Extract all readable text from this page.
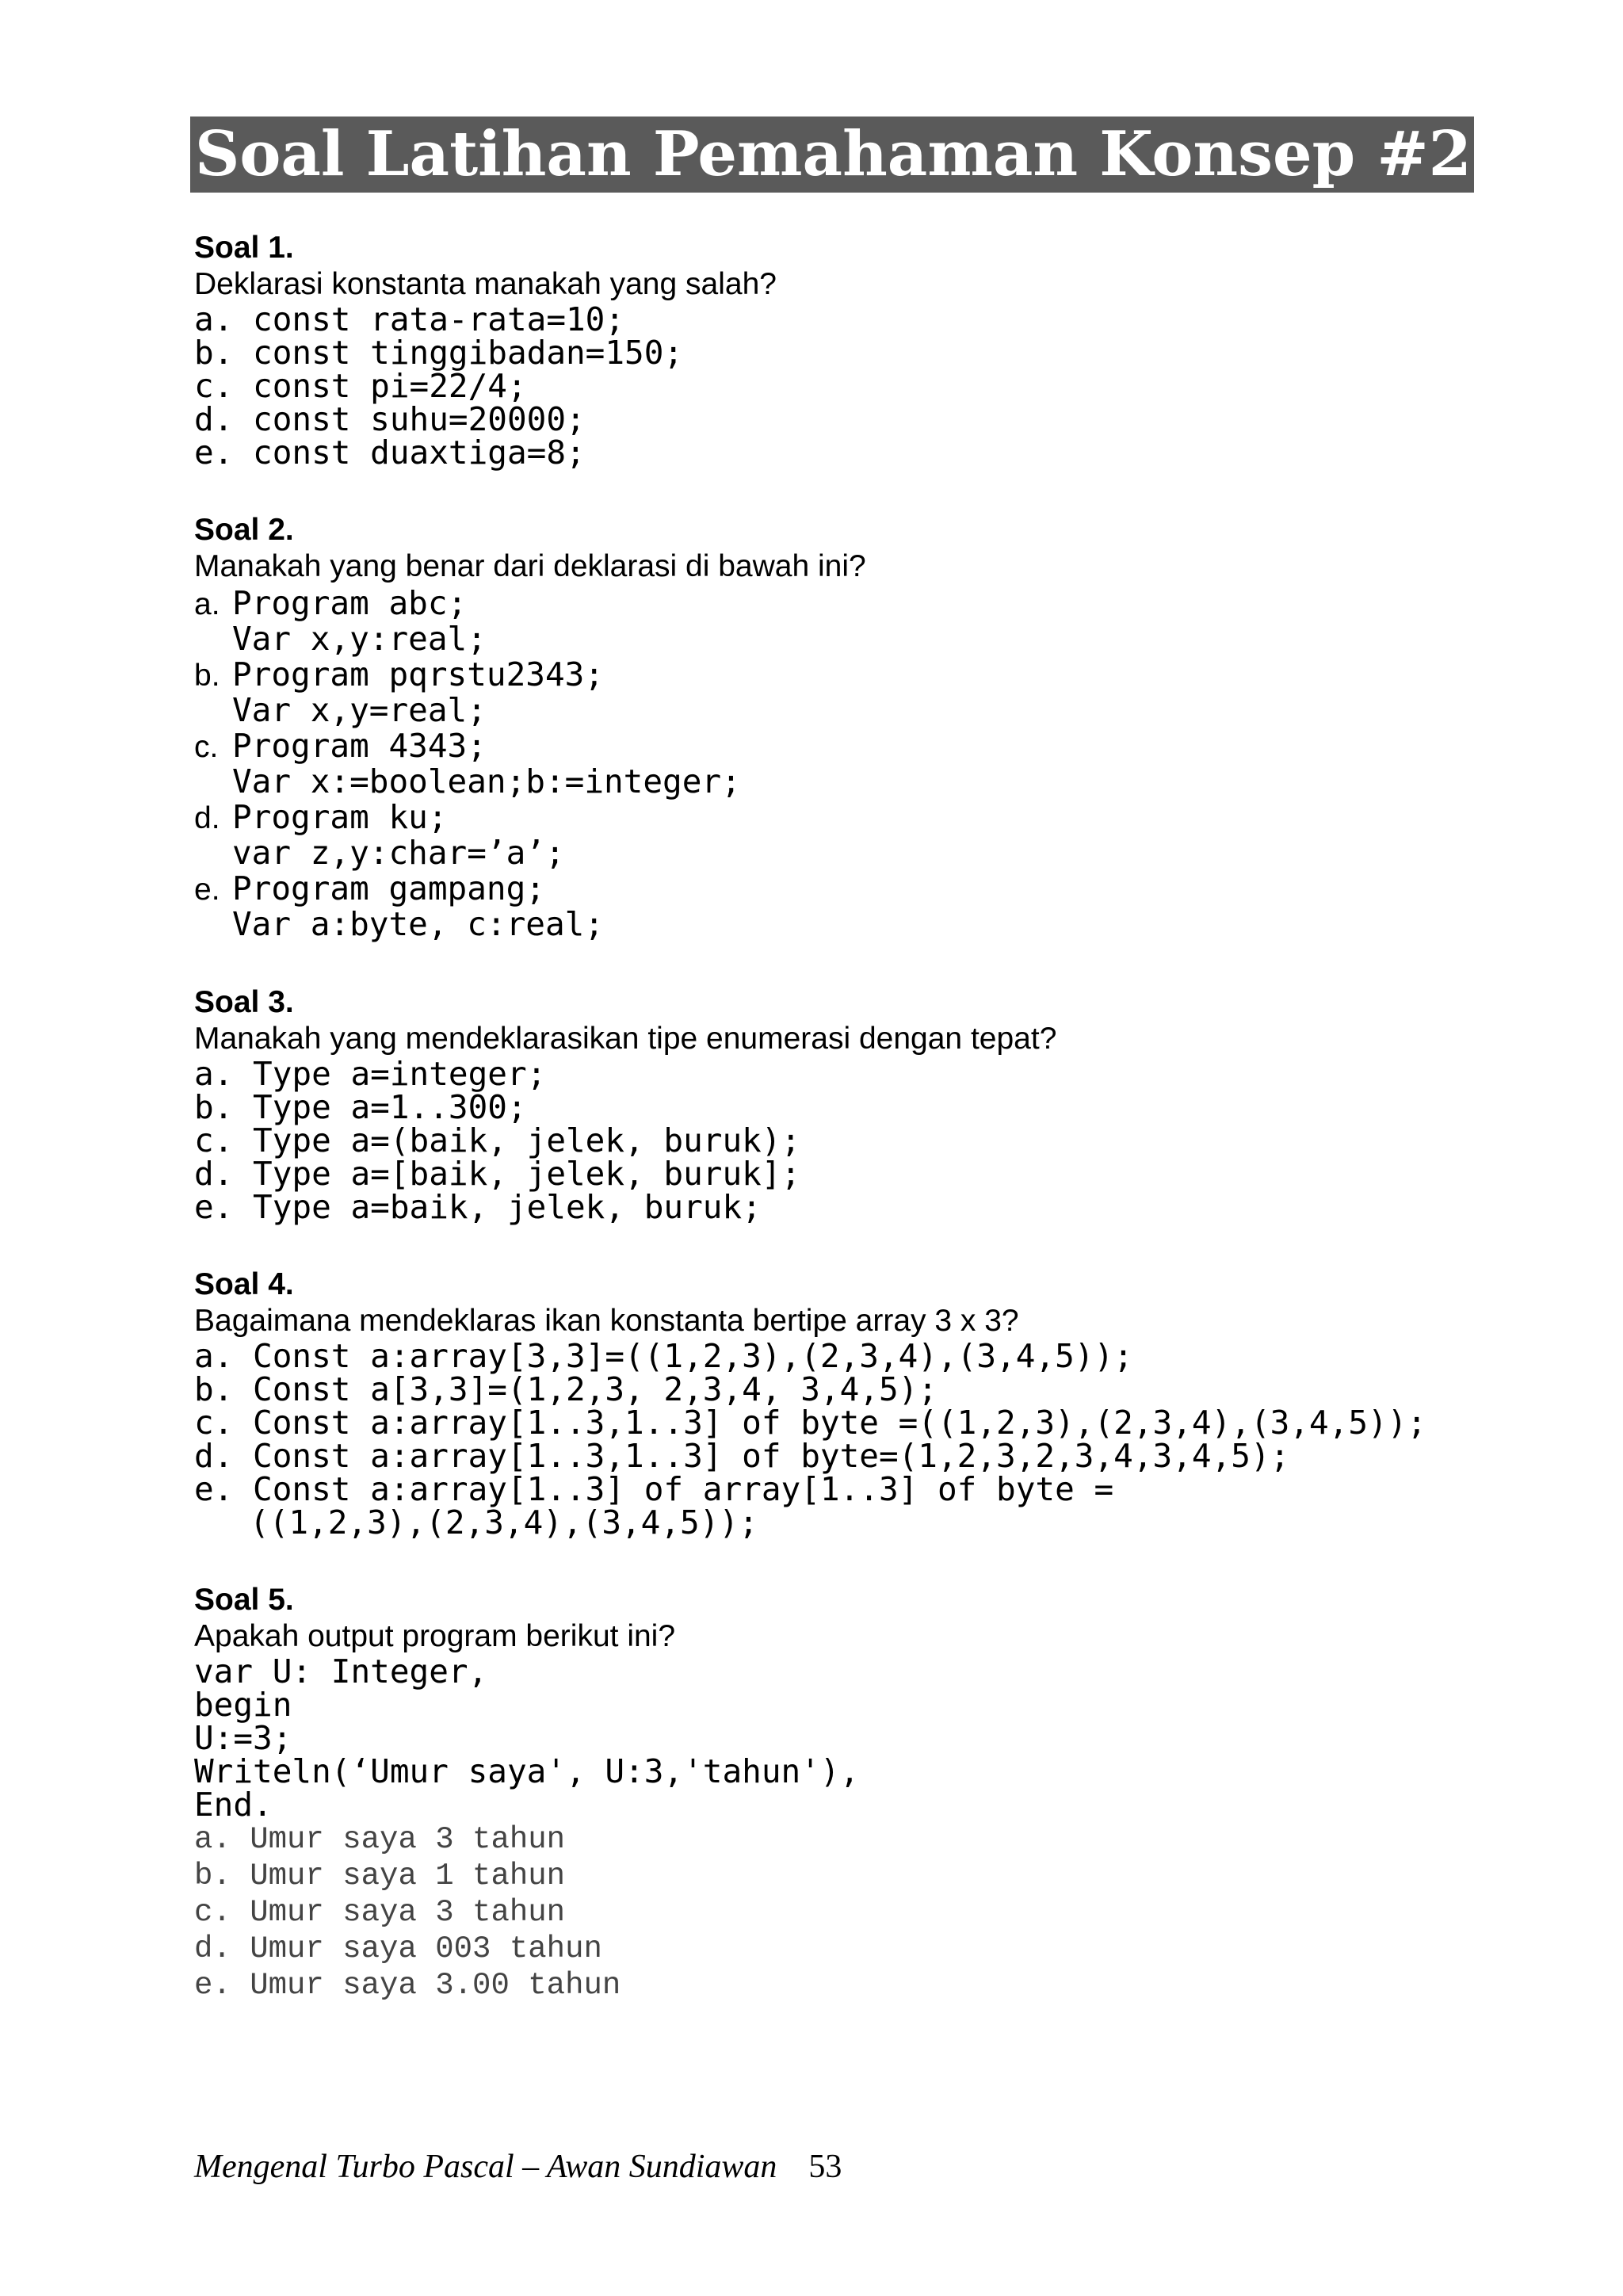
Soal Latihan Pemahaman Konsep #2
Soal 1.
Deklarasi konstanta manakah yang salah?
a. const rata-rata=10;
b. const tinggibadan=150;
c. const pi=22/4;
d. const suhu=20000;
e. const duaxtiga=8;
Soal 2.
Manakah yang benar dari deklarasi di bawah ini?
a. Program abc;
Var x,y:real;
b. Program pqrstu2343;
Var x,y=real;
c. Program 4343;
Var x:=boolean;b:=integer;
d. Program ku;
var z,y:char=’a’;
e. Program gampang;
Var a:byte, c:real;
Soal 3.
Manakah yang mendeklarasikan tipe enumerasi dengan tepat?
a. Type a=integer;
b. Type a=1..300;
c. Type a=(baik, jelek, buruk);
d. Type a=[baik, jelek, buruk];
e. Type a=baik, jelek, buruk;
Soal 4.
Bagaimana mendeklaras ikan konstanta bertipe array 3 x 3?
a. Const a:array[3,3]=((1,2,3),(2,3,4),(3,4,5));
b. Const a[3,3]=(1,2,3, 2,3,4, 3,4,5);
c. Const a:array[1..3,1..3] of byte =((1,2,3),(2,3,4),(3,4,5));
d. Const a:array[1..3,1..3] of byte=(1,2,3,2,3,4,3,4,5);
e. Const a:array[1..3] of array[1..3] of byte =
((1,2,3),(2,3,4),(3,4,5));
Soal 5.
Apakah output program berikut ini?
var U: Integer,
begin
U:=3;
Writeln(‘Umur saya', U:3,'tahun'),
End.
a. Umur saya 3 tahun
b. Umur saya 1 tahun
c. Umur saya 3 tahun
d. Umur saya 003 tahun
e. Umur saya 3.00 tahun
Mengenal Turbo Pascal – Awan Sundiawan 53
